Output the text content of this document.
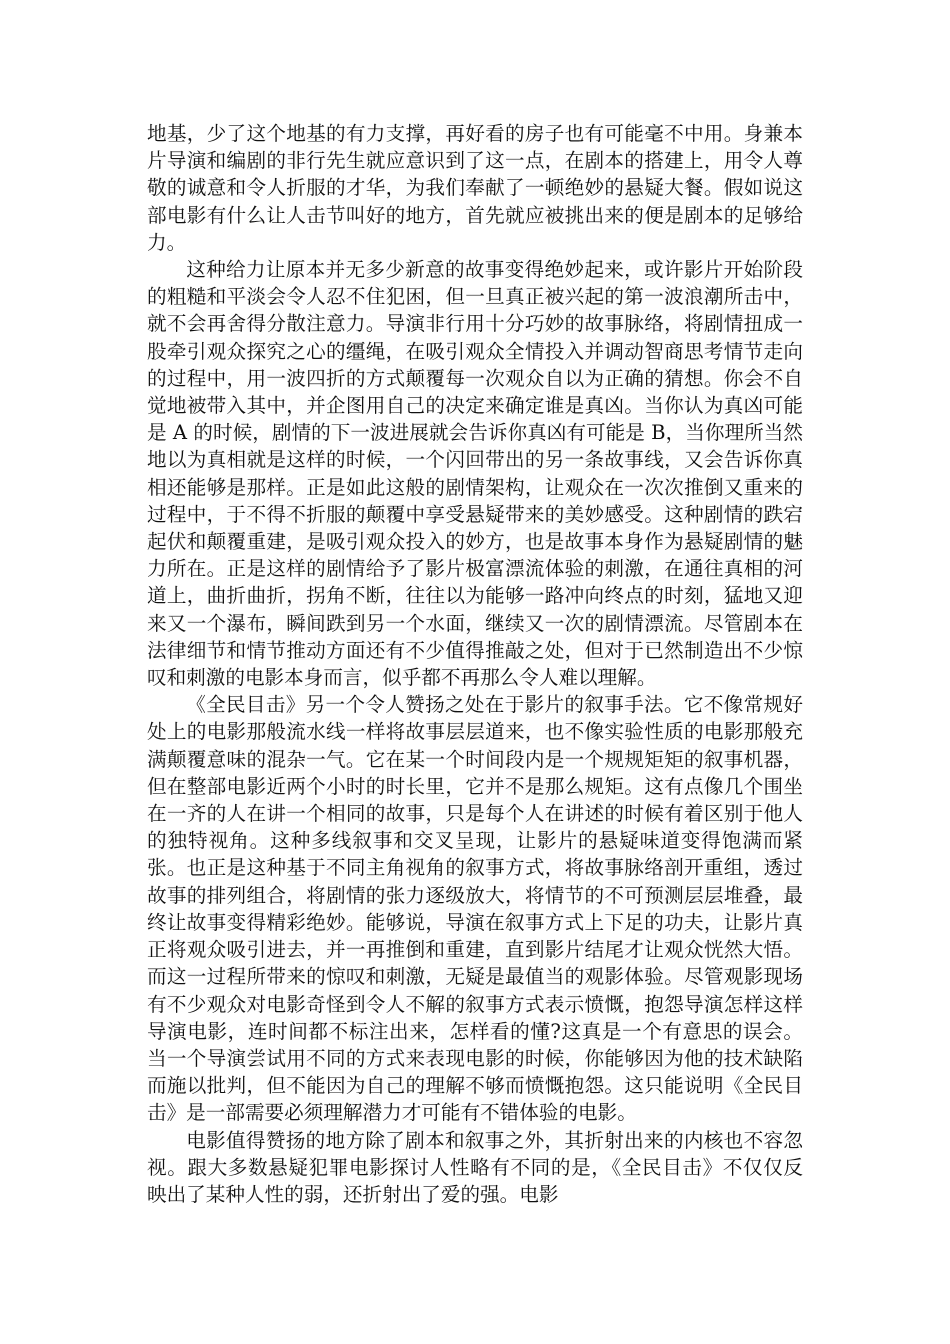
地基，少了这个地基的有力支撑，再好看的房子也有可能毫不中用。身兼本片导演和编剧的非行先生就应意识到了这一点，在剧本的搭建上，用令人尊敬的诚意和令人折服的才华，为我们奉献了一顿绝妙的悬疑大餐。假如说这部电影有什么让人击节叫好的地方，首先就应被挑出来的便是剧本的足够给力。

这种给力让原本并无多少新意的故事变得绝妙起来，或许影片开始阶段的粗糙和平淡会令人忍不住犯困，但一旦真正被兴起的第一波浪潮所击中，就不会再舍得分散注意力。导演非行用十分巧妙的故事脉络，将剧情扭成一股牵引观众探究之心的缰绳，在吸引观众全情投入并调动智商思考情节走向的过程中，用一波四折的方式颠覆每一次观众自以为正确的猜想。你会不自觉地被带入其中，并企图用自己的决定来确定谁是真凶。当你认为真凶可能是 A 的时候，剧情的下一波进展就会告诉你真凶有可能是 B，当你理所当然地以为真相就是这样的时候，一个闪回带出的另一条故事线，又会告诉你真相还能够是那样。正是如此这般的剧情架构，让观众在一次次推倒又重来的过程中，于不得不折服的颠覆中享受悬疑带来的美妙感受。这种剧情的跌宕起伏和颠覆重建，是吸引观众投入的妙方，也是故事本身作为悬疑剧情的魅力所在。正是这样的剧情给予了影片极富漂流体验的刺激，在通往真相的河道上，曲折曲折，拐角不断，往往以为能够一路冲向终点的时刻，猛地又迎来又一个瀑布，瞬间跌到另一个水面，继续又一次的剧情漂流。尽管剧本在法律细节和情节推动方面还有不少值得推敲之处，但对于已然制造出不少惊叹和刺激的电影本身而言，似乎都不再那么令人难以理解。

《全民目击》另一个令人赞扬之处在于影片的叙事手法。它不像常规好处上的电影那般流水线一样将故事层层道来，也不像实验性质的电影那般充满颠覆意味的混杂一气。它在某一个时间段内是一个规规矩矩的叙事机器，但在整部电影近两个小时的时长里，它并不是那么规矩。这有点像几个围坐在一齐的人在讲一个相同的故事，只是每个人在讲述的时候有着区别于他人的独特视角。这种多线叙事和交叉呈现，让影片的悬疑味道变得饱满而紧张。也正是这种基于不同主角视角的叙事方式，将故事脉络剖开重组，透过故事的排列组合，将剧情的张力逐级放大，将情节的不可预测层层堆叠，最终让故事变得精彩绝妙。能够说，导演在叙事方式上下足的功夫，让影片真正将观众吸引进去，并一再推倒和重建，直到影片结尾才让观众恍然大悟。而这一过程所带来的惊叹和刺激，无疑是最值当的观影体验。尽管观影现场有不少观众对电影奇怪到令人不解的叙事方式表示愤慨，抱怨导演怎样这样导演电影，连时间都不标注出来，怎样看的懂?这真是一个有意思的误会。当一个导演尝试用不同的方式来表现电影的时候，你能够因为他的技术缺陷而施以批判，但不能因为自己的理解不够而愤慨抱怨。这只能说明《全民目击》是一部需要必须理解潜力才可能有不错体验的电影。

电影值得赞扬的地方除了剧本和叙事之外，其折射出来的内核也不容忽视。跟大多数悬疑犯罪电影探讨人性略有不同的是，《全民目击》不仅仅反映出了某种人性的弱，还折射出了爱的强。电影
